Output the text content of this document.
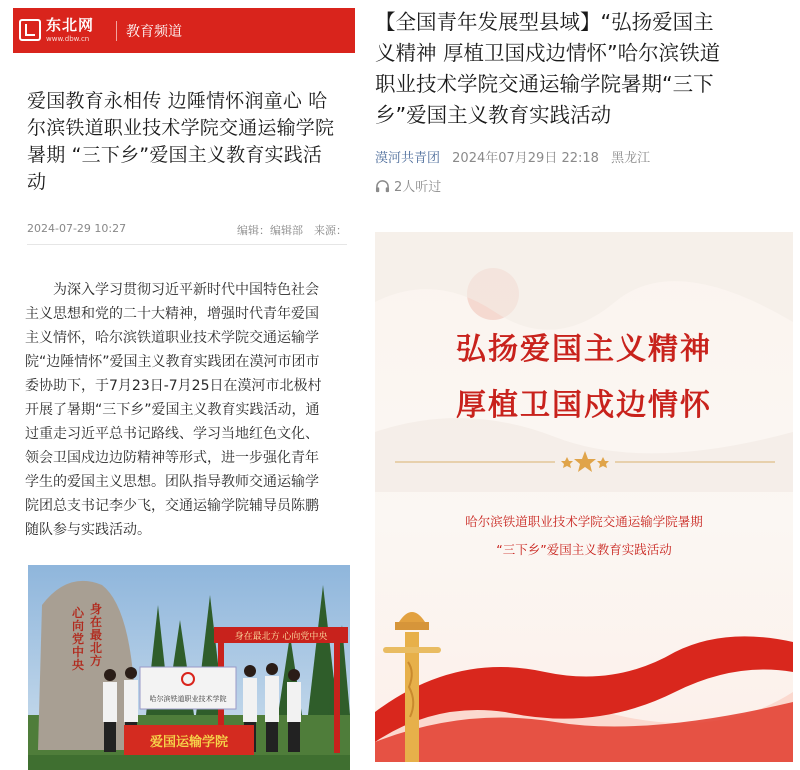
东北网
www.dbw.cn	教育频道
爱国教育永相传 边陲情怀润童心 哈
尔滨铁道职业技术学院交通运输学院
暑期 “三下乡”爱国主义教育实践活
动
2024-07-29 10:27	编辑：编辑部　来源：
为深入学习贯彻习近平新时代中国特色社会
主义思想和党的二十大精神，增强时代青年爱国
主义情怀，哈尔滨铁道职业技术学院交通运输学
院“边陲情怀”爱国主义教育实践团在漠河市团市
委协助下，于7月23日-7月25日在漠河市北极村
开展了暑期“三下乡”爱国主义教育实践活动，通
过重走习近平总书记路线、学习当地红色文化、
领会卫国戍边边防精神等形式，进一步强化青年
学生的爱国主义思想。团队指导教师交通运输学
院团总支书记李少飞，交通运输学院辅导员陈鹏
随队参与实践活动。
身在最北方
心向党中央
身在最北方 心向党中央
哈尔滨铁道职业技术学院
爱国运输学院
【全国青年发展型县域】“弘扬爱国主
义精神 厚植卫国戍边情怀”哈尔滨铁道
职业技术学院交通运输学院暑期“三下
乡”爱国主义教育实践活动
漠河共青团 2024年07月29日 22:18 黑龙江
2人听过
弘扬爱国主义精神
厚植卫国戍边情怀
哈尔滨铁道职业技术学院交通运输学院暑期
“三下乡”爱国主义教育实践活动
